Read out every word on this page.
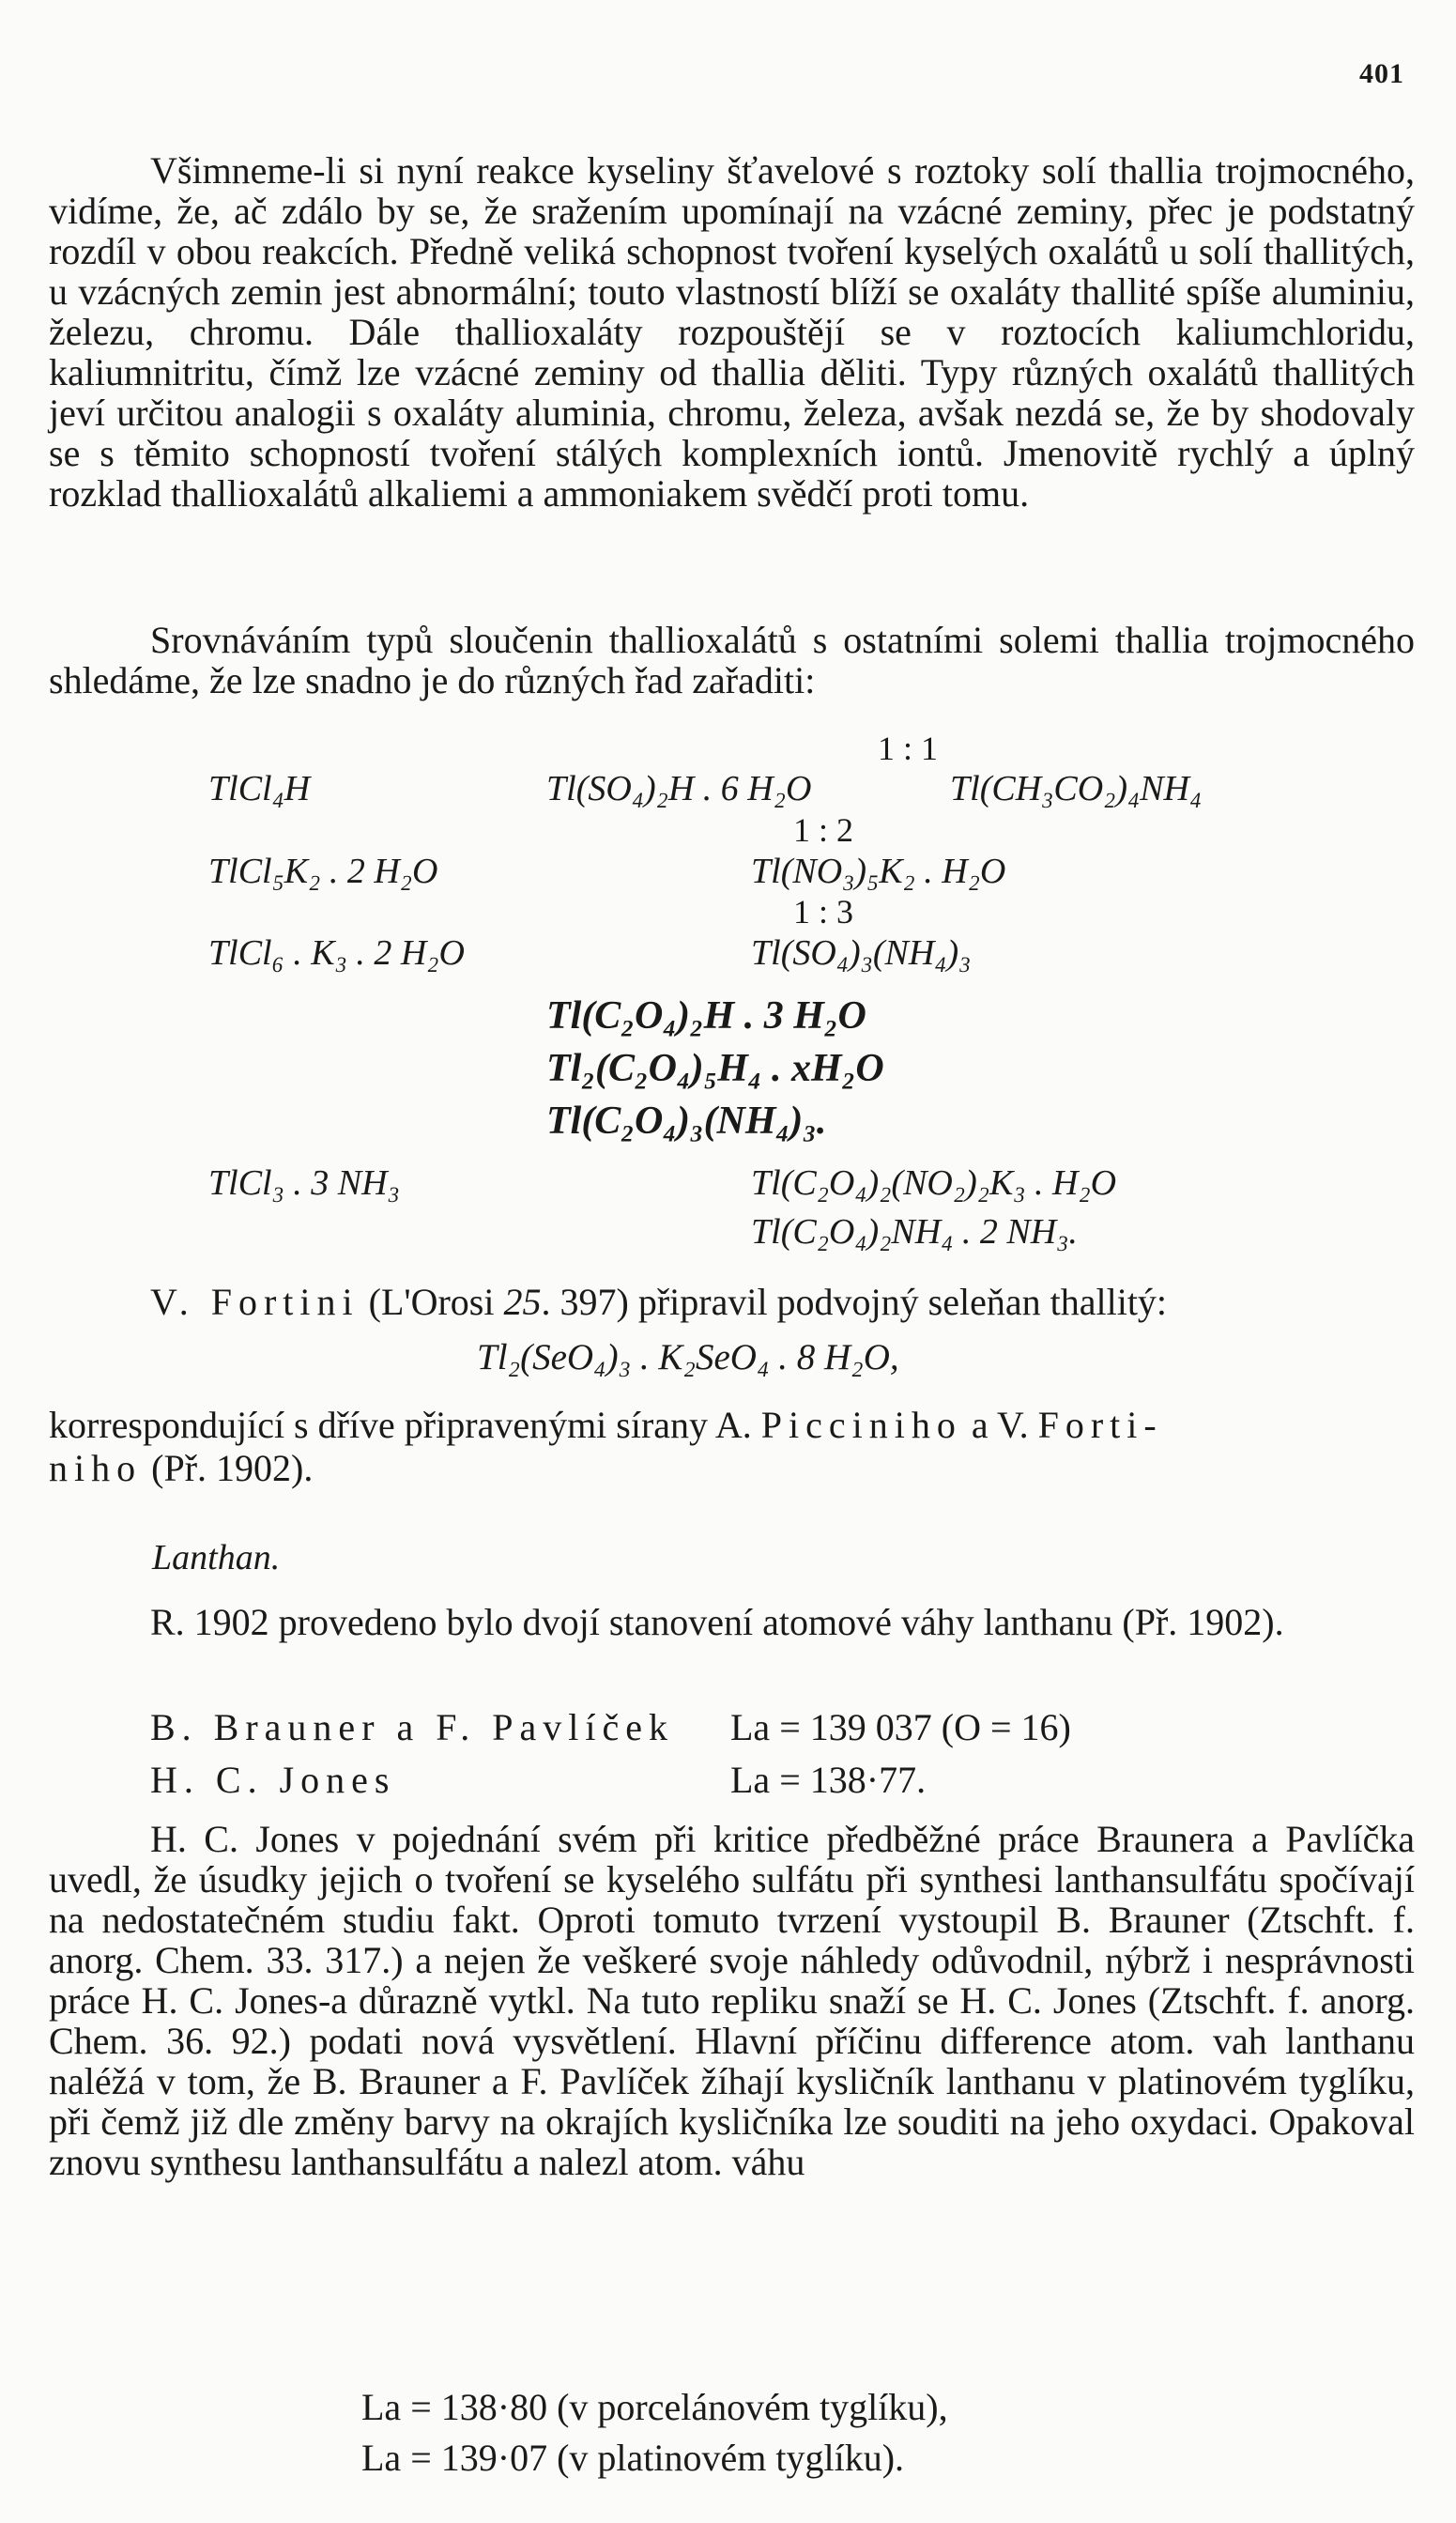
401
Všimneme-li si nyní reakce kyseliny šťavelové s roztoky solí thallia trojmocného, vidíme, že, ač zdálo by se, že sražením upomínají na vzácné zeminy, přec je podstatný rozdíl v obou reakcích. Předně veliká schopnost tvoření kyselých oxalátů u solí thallitých, u vzácných zemin jest abnormální; touto vlastností blíží se oxaláty thallité spíše aluminiu, železu, chromu. Dále thallioxaláty rozpouštějí se v roztocích kaliumchloridu, kaliumnitritu, čímž lze vzácné zeminy od thallia děliti. Typy různých oxalátů thallitých jeví určitou analogii s oxaláty aluminia, chromu, železa, avšak nezdá se, že by shodovaly se s těmito schopností tvoření stálých komplexních iontů. Jmenovitě rychlý a úplný rozklad thallioxalátů alkaliemi a ammoniakem svědčí proti tomu.
Srovnáváním typů sloučenin thallioxalátů s ostatními solemi thallia trojmocného shledáme, že lze snadno je do různých řad zařaditi:
1 : 1
TlCl₄H	Tl(SO₄)₂H . 6 H₂O	Tl(CH₃CO₂)₄NH₄
1 : 2
TlCl₅K₂ . 2 H₂O	Tl(NO₃)₅K₂ . H₂O
1 : 3
TlCl₆ . K₃ . 2 H₂O	Tl(SO₄)₃(NH₄)₃
Tl(C₂O₄)₂H . 3 H₂O
Tl₂(C₂O₄)₅H₄ . xH₂O
Tl(C₂O₄)₃(NH₄)₃.
TlCl₃ . 3 NH₃	Tl(C₂O₄)₂(NO₂)₂K₃ . H₂O
Tl(C₂O₄)₂NH₄ . 2 NH₃.
V. Fortini (L'Orosi 25. 397) připravil podvojný seleňan thallitý:
Tl₂(SeO₄)₃ . K₂SeO₄ . 8 H₂O,
korrespondující s dříve připravenými sírany A. Picciniho a V. Forti-
niho (Př. 1902).
Lanthan.
R. 1902 provedeno bylo dvojí stanovení atomové váhy lanthanu (Př. 1902).
B. Brauner a F. Pavlíček La = 139 037 (O = 16)
H. C. Jones	La = 138·77.
H. C. Jones v pojednání svém při kritice předběžné práce Braunera a Pavlíčka uvedl, že úsudky jejich o tvoření se kyselého sulfátu při synthesi lanthansulfátu spočívají na nedostatečném studiu fakt. Oproti tomuto tvrzení vystoupil B. Brauner (Ztschft. f. anorg. Chem. 33. 317.) a nejen že veškeré svoje náhledy odůvodnil, nýbrž i nesprávnosti práce H. C. Jones-a důrazně vytkl. Na tuto repliku snaží se H. C. Jones (Ztschft. f. anorg. Chem. 36. 92.) podati nová vysvětlení. Hlavní příčinu difference atom. vah lanthanu naléžá v tom, že B. Brauner a F. Pavlíček žíhají kysličník lanthanu v platinovém tyglíku, při čemž již dle změny barvy na okrajích kysličníka lze souditi na jeho oxydaci. Opakoval znovu synthesu lanthansulfátu a nalezl atom. váhu
La = 138·80 (v porcelánovém tyglíku),
La = 139·07 (v platinovém tyglíku).
